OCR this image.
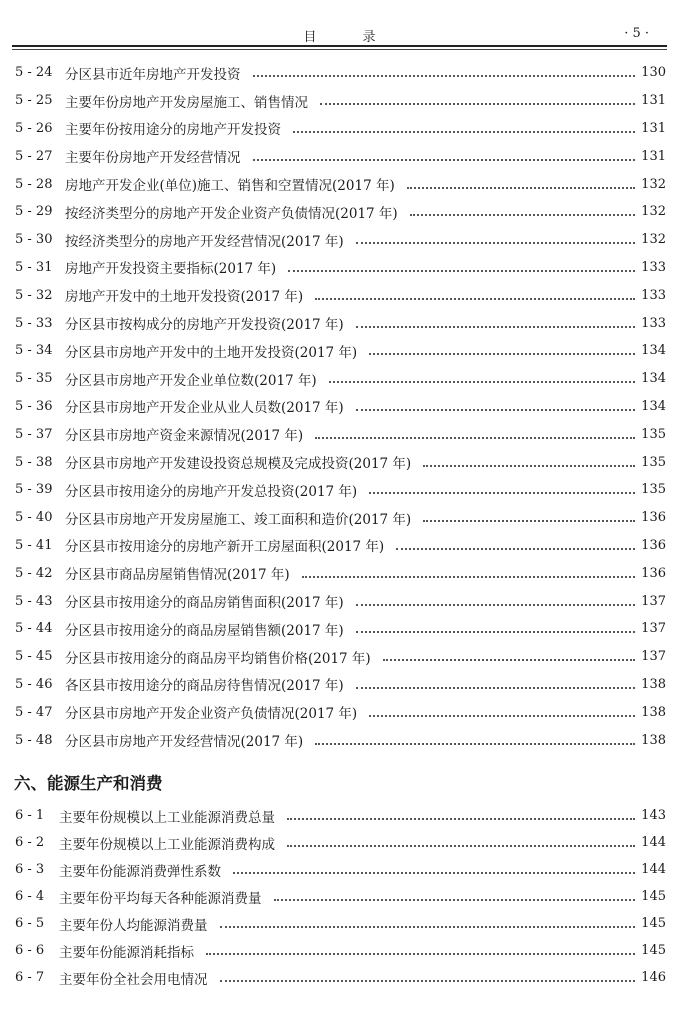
目录	· 5 ·
5 - 24 分区县市近年房地产开发投资	130
5 - 25 主要年份房地产开发房屋施工、销售情况	131
5 - 26 主要年份按用途分的房地产开发投资	131
5 - 27 主要年份房地产开发经营情况	131
5 - 28 房地产开发企业(单位)施工、销售和空置情况(2017 年)	132
5 - 29 按经济类型分的房地产开发企业资产负债情况(2017 年)	132
5 - 30 按经济类型分的房地产开发经营情况(2017 年)	132
5 - 31 房地产开发投资主要指标(2017 年)	133
5 - 32 房地产开发中的土地开发投资(2017 年)	133
5 - 33 分区县市按构成分的房地产开发投资(2017 年)	133
5 - 34 分区县市房地产开发中的土地开发投资(2017 年)	134
5 - 35 分区县市房地产开发企业单位数(2017 年)	134
5 - 36 分区县市房地产开发企业从业人员数(2017 年)	134
5 - 37 分区县市房地产资金来源情况(2017 年)	135
5 - 38 分区县市房地产开发建设投资总规模及完成投资(2017 年)	135
5 - 39 分区县市按用途分的房地产开发总投资(2017 年)	135
5 - 40 分区县市房地产开发房屋施工、竣工面积和造价(2017 年)	136
5 - 41 分区县市按用途分的房地产新开工房屋面积(2017 年)	136
5 - 42 分区县市商品房屋销售情况(2017 年)	136
5 - 43 分区县市按用途分的商品房销售面积(2017 年)	137
5 - 44 分区县市按用途分的商品房屋销售额(2017 年)	137
5 - 45 分区县市按用途分的商品房平均销售价格(2017 年)	137
5 - 46 各区县市按用途分的商品房待售情况(2017 年)	138
5 - 47 分区县市房地产开发企业资产负债情况(2017 年)	138
5 - 48 分区县市房地产开发经营情况(2017 年)	138
六、能源生产和消费
6 - 1	主要年份规模以上工业能源消费总量	143
6 - 2	主要年份规模以上工业能源消费构成	144
6 - 3	主要年份能源消费弹性系数	144
6 - 4	主要年份平均每天各种能源消费量	145
6 - 5	主要年份人均能源消费量	145
6 - 6	主要年份能源消耗指标	145
6 - 7	主要年份全社会用电情况	146
